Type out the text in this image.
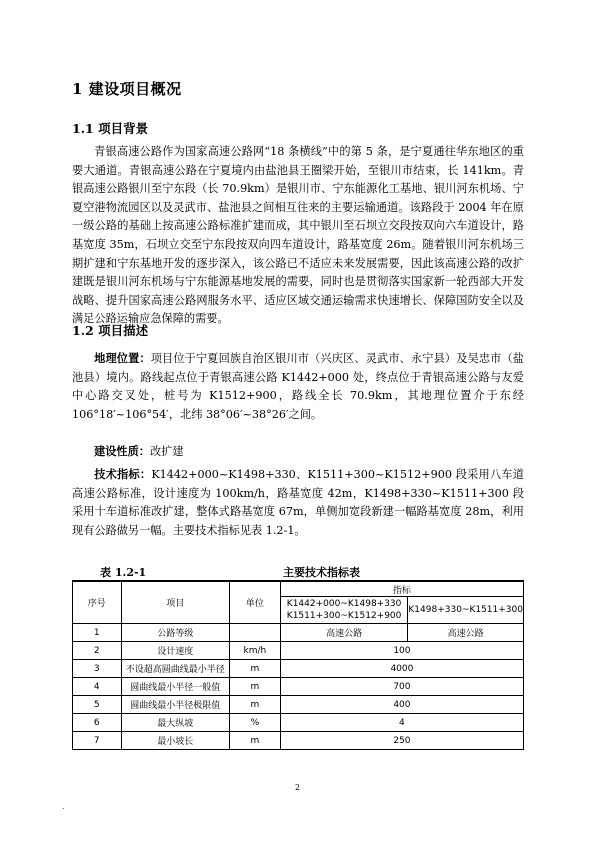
1 建设项目概况
1.1 项目背景
青银高速公路作为国家高速公路网“18 条横线”中的第 5 条，是宁夏通往华东地区的重要大通道。青银高速公路在宁夏境内由盐池县王圈梁开始，至银川市结束，长 141km。青银高速公路银川至宁东段（长 70.9km）是银川市、宁东能源化工基地、银川河东机场、宁夏空港物流园区以及灵武市、盐池县之间相互往来的主要运输通道。该路段于 2004 年在原一级公路的基础上按高速公路标准扩建而成，其中银川至石坝立交段按双向六车道设计，路基宽度 35m，石坝立交至宁东段按双向四车道设计，路基宽度 26m。随着银川河东机场三期扩建和宁东基地开发的逐步深入，该公路已不适应未来发展需要，因此该高速公路的改扩建既是银川河东机场与宁东能源基地发展的需要，同时也是贯彻落实国家新一轮西部大开发战略、提升国家高速公路网服务水平、适应区域交通运输需求快速增长、保障国防安全以及满足公路运输应急保障的需要。
1.2 项目描述
地理位置：项目位于宁夏回族自治区银川市（兴庆区、灵武市、永宁县）及吴忠市（盐池县）境内。路线起点位于青银高速公路 K1442+000 处，终点位于青银高速公路与友爱中心路交叉处，桩号为 K1512+900，路线全长 70.9km，其地理位置介于东经 106°18′~106°54′，北纬 38°06′~38°26′之间。
建设性质：改扩建
技术指标：K1442+000~K1498+330、K1511+300~K1512+900 段采用八车道高速公路标准，设计速度为 100km/h，路基宽度 42m，K1498+330~K1511+300 段采用十车道标准改扩建，整体式路基宽度 67m，单侧加宽段新建一幅路基宽度 28m，利用现有公路做另一幅。主要技术指标见表 1.2-1。
表 1.2-1	主要技术指标表
序号	项目	单位	指标	
			K1442+000~K1498+330 K1511+300~K1512+900	K1498+330~K1511+300
1	公路等级		高速公路	高速公路
2	设计速度	km/h	100	
3	不设超高圆曲线最小半径	m	4000	
4	圆曲线最小半径一般值	m	700	
5	圆曲线最小半径极限值	m	400	
6	最大纵坡	%	4	
7	最小坡长	m	250	
2
.
